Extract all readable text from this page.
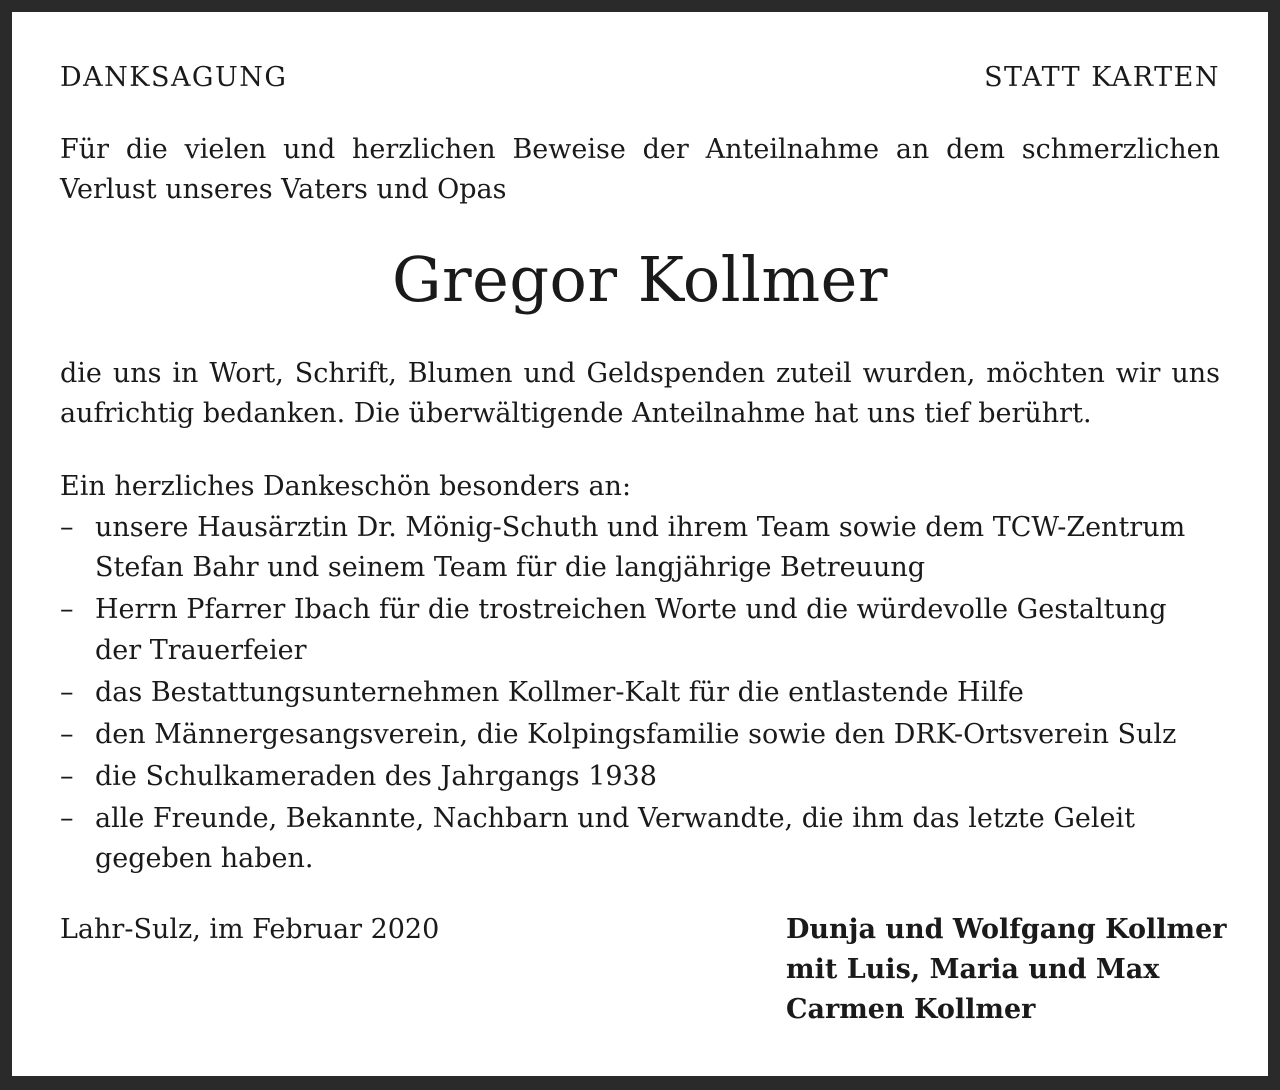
DANKSAGUNG	STATT KARTEN

Für die vielen und herzlichen Beweise der Anteilnahme an dem schmerzlichen Verlust unseres Vaters und Opas

Gregor Kollmer

die uns in Wort, Schrift, Blumen und Geldspenden zuteil wurden, möchten wir uns aufrichtig bedanken. Die überwältigende Anteilnahme hat uns tief berührt.

Ein herzliches Dankeschön besonders an:

– unsere Hausärztin Dr. Mönig-Schuth und ihrem Team sowie dem TCW-Zentrum Stefan Bahr und seinem Team für die langjährige Betreuung
– Herrn Pfarrer Ibach für die trostreichen Worte und die würdevolle Gestaltung der Trauerfeier
– das Bestattungsunternehmen Kollmer-Kalt für die entlastende Hilfe
– den Männergesangsverein, die Kolpingsfamilie sowie den DRK-Ortsverein Sulz
– die Schulkameraden des Jahrgangs 1938
– alle Freunde, Bekannte, Nachbarn und Verwandte, die ihm das letzte Geleit gegeben haben.
Lahr-Sulz, im Februar 2020	Dunja und Wolfgang Kollmer
mit Luis, Maria und Max
Carmen Kollmer
